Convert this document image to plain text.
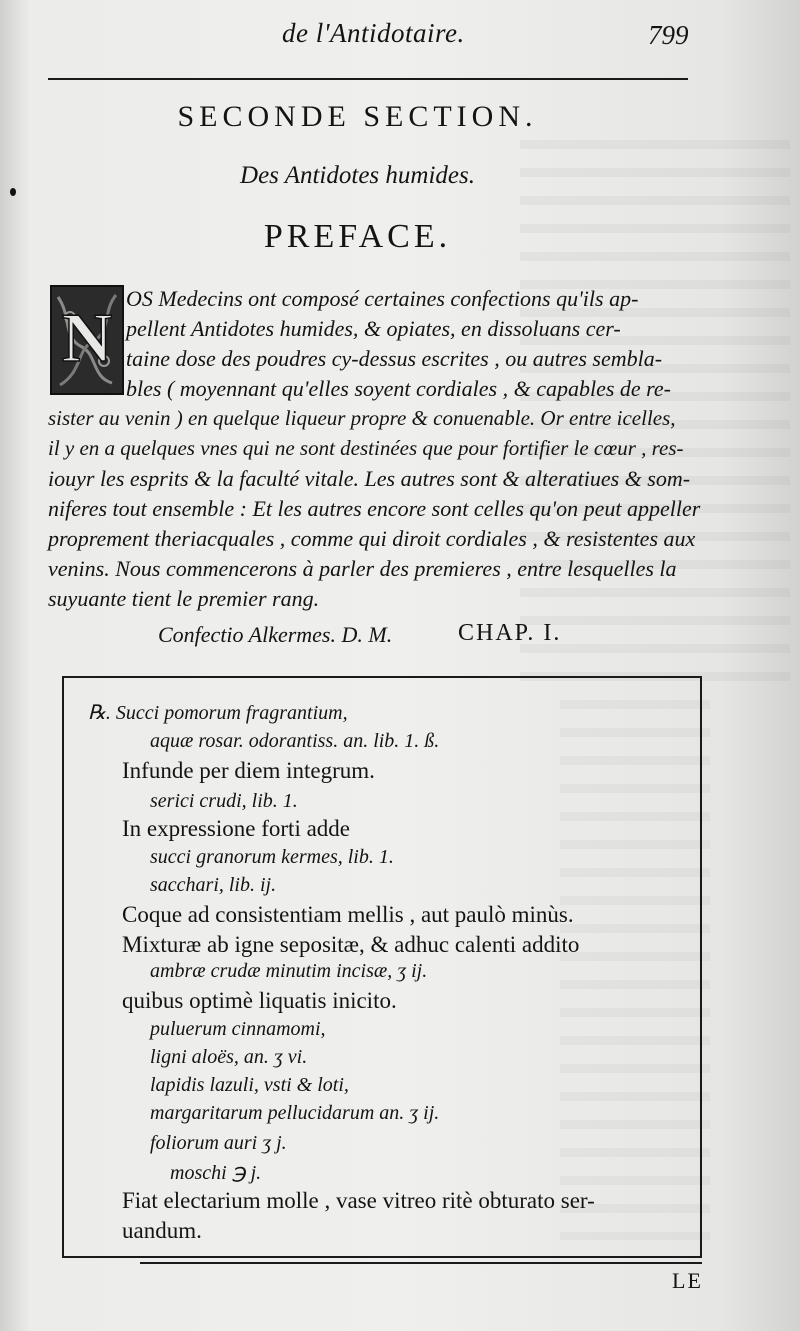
de l'Antidotaire.	799
SECONDE SECTION.
Des Antidotes humides.
PREFACE.
N
OS Medecins ont composé certaines confections qu'ils ap-
pellent Antidotes humides, & opiates, en dissoluans cer-
taine dose des poudres cy-dessus escrites , ou autres sembla-
bles ( moyennant qu'elles soyent cordiales , & capables de re-
sister au venin ) en quelque liqueur propre & conuenable. Or entre icelles,
il y en a quelques vnes qui ne sont destinées que pour fortifier le cœur , res-
iouyr les esprits & la faculté vitale. Les autres sont & alteratiues & som-
niferes tout ensemble : Et les autres encore sont celles qu'on peut appeller
proprement theriacquales , comme qui diroit cordiales , & resistentes aux
venins. Nous commencerons à parler des premieres , entre lesquelles la
suyuante tient le premier rang.
Confectio Alkermes. D. M.	CHAP. I.
℞. Succi pomorum fragrantium,
aquæ rosar. odorantiss. an. lib. 1. ß.
Infunde per diem integrum.
serici crudi, lib. 1.
In expressione forti adde
succi granorum kermes, lib. 1.
sacchari, lib. ij.
Coque ad consistentiam mellis , aut paulò minùs.
Mixturæ ab igne sepositæ, & adhuc calenti addito
ambræ crudæ minutim incisæ, ʒ ij.
quibus optimè liquatis inicito.
puluerum cinnamomi,
ligni aloës, an. ʒ vi.
lapidis lazuli, vsti & loti,
margaritarum pellucidarum an. ʒ ij.
foliorum auri ʒ j.
moschi ℈ j.
Fiat electarium molle , vase vitreo ritè obturato ser-
uandum.
LE
